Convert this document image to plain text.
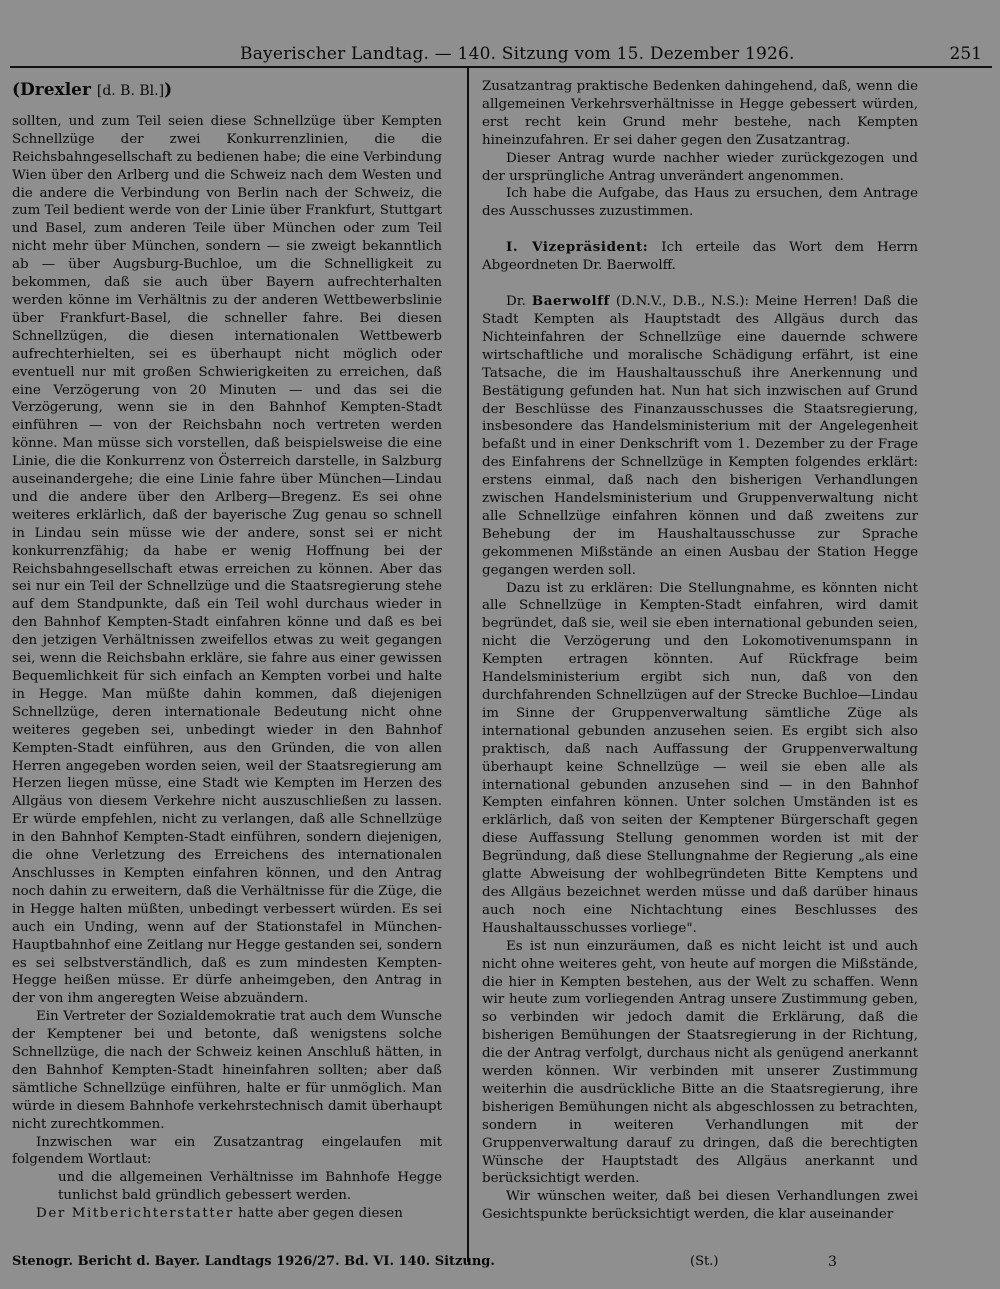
Bayerischer Landtag. — 140. Sitzung vom 15. Dezember 1926.	251

(Drexler [d. B. Bl.])

sollten, und zum Teil seien diese Schnellzüge über Kempten Schnellzüge der zwei Konkurrenzlinien, die die Reichsbahngesellschaft zu bedienen habe; die eine Verbindung Wien über den Arlberg und die Schweiz nach dem Westen und die andere die Verbindung von Berlin nach der Schweiz, die zum Teil bedient werde von der Linie über Frankfurt, Stuttgart und Basel, zum anderen Teile über München oder zum Teil nicht mehr über München, sondern — sie zweigt bekanntlich ab — über Augsburg-Buchloe, um die Schnelligkeit zu bekommen, daß sie auch über Bayern aufrechterhalten werden könne im Verhältnis zu der anderen Wettbewerbslinie über Frankfurt-Basel, die schneller fahre. Bei diesen Schnellzügen, die diesen internationalen Wettbewerb aufrechterhielten, sei es überhaupt nicht möglich oder eventuell nur mit großen Schwierigkeiten zu erreichen, daß eine Verzögerung von 20 Minuten — und das sei die Verzögerung, wenn sie in den Bahnhof Kempten-Stadt einführen — von der Reichsbahn noch vertreten werden könne. Man müsse sich vorstellen, daß beispielsweise die eine Linie, die die Konkurrenz von Österreich darstelle, in Salzburg auseinandergehe; die eine Linie fahre über München—Lindau und die andere über den Arlberg—Bregenz. Es sei ohne weiteres erklärlich, daß der bayerische Zug genau so schnell in Lindau sein müsse wie der andere, sonst sei er nicht konkurrenzfähig; da habe er wenig Hoffnung bei der Reichsbahngesellschaft etwas erreichen zu können. Aber das sei nur ein Teil der Schnellzüge und die Staatsregierung stehe auf dem Standpunkte, daß ein Teil wohl durchaus wieder in den Bahnhof Kempten-Stadt einfahren könne und daß es bei den jetzigen Verhältnissen zweifellos etwas zu weit gegangen sei, wenn die Reichsbahn erkläre, sie fahre aus einer gewissen Bequemlichkeit für sich einfach an Kempten vorbei und halte in Hegge. Man müßte dahin kommen, daß diejenigen Schnellzüge, deren internationale Bedeutung nicht ohne weiteres gegeben sei, unbedingt wieder in den Bahnhof Kempten-Stadt einführen, aus den Gründen, die von allen Herren angegeben worden seien, weil der Staatsregierung am Herzen liegen müsse, eine Stadt wie Kempten im Herzen des Allgäus von diesem Verkehre nicht auszuschließen zu lassen. Er würde empfehlen, nicht zu verlangen, daß alle Schnellzüge in den Bahnhof Kempten-Stadt einführen, sondern diejenigen, die ohne Verletzung des Erreichens des internationalen Anschlusses in Kempten einfahren können, und den Antrag noch dahin zu erweitern, daß die Verhältnisse für die Züge, die in Hegge halten müßten, unbedingt verbessert würden. Es sei auch ein Unding, wenn auf der Stationstafel in München-Hauptbahnhof eine Zeitlang nur Hegge gestanden sei, sondern es sei selbstverständlich, daß es zum mindesten Kempten-Hegge heißen müsse. Er dürfe anheimgeben, den Antrag in der von ihm angeregten Weise abzuändern.

Ein Vertreter der Sozialdemokratie trat auch dem Wunsche der Kemptener bei und betonte, daß wenigstens solche Schnellzüge, die nach der Schweiz keinen Anschluß hätten, in den Bahnhof Kempten-Stadt hineinfahren sollten; aber daß sämtliche Schnellzüge einführen, halte er für unmöglich. Man würde in diesem Bahnhofe verkehrstechnisch damit überhaupt nicht zurechtkommen.

Inzwischen war ein Zusatzantrag eingelaufen mit folgendem Wortlaut:

und die allgemeinen Verhältnisse im Bahnhofe Hegge tunlichst bald gründlich gebessert werden.

Der Mitberichterstatter hatte aber gegen diesen

Zusatzantrag praktische Bedenken dahingehend, daß, wenn die allgemeinen Verkehrsverhältnisse in Hegge gebessert würden, erst recht kein Grund mehr bestehe, nach Kempten hineinzufahren. Er sei daher gegen den Zusatzantrag.

Dieser Antrag wurde nachher wieder zurückgezogen und der ursprüngliche Antrag unverändert angenommen.

Ich habe die Aufgabe, das Haus zu ersuchen, dem Antrage des Ausschusses zuzustimmen.

I. Vizepräsident: Ich erteile das Wort dem Herrn Abgeordneten Dr. Baerwolff.

Dr. Baerwolff (D.N.V., D.B., N.S.): Meine Herren! Daß die Stadt Kempten als Hauptstadt des Allgäus durch das Nichteinfahren der Schnellzüge eine dauernde schwere wirtschaftliche und moralische Schädigung erfährt, ist eine Tatsache, die im Haushaltausschuß ihre Anerkennung und Bestätigung gefunden hat. Nun hat sich inzwischen auf Grund der Beschlüsse des Finanzausschusses die Staatsregierung, insbesondere das Handelsministerium mit der Angelegenheit befaßt und in einer Denkschrift vom 1. Dezember zu der Frage des Einfahrens der Schnellzüge in Kempten folgendes erklärt: erstens einmal, daß nach den bisherigen Verhandlungen zwischen Handelsministerium und Gruppenverwaltung nicht alle Schnellzüge einfahren können und daß zweitens zur Behebung der im Haushaltausschusse zur Sprache gekommenen Mißstände an einen Ausbau der Station Hegge gegangen werden soll.

Dazu ist zu erklären: Die Stellungnahme, es könnten nicht alle Schnellzüge in Kempten-Stadt einfahren, wird damit begründet, daß sie, weil sie eben international gebunden seien, nicht die Verzögerung und den Lokomotivenumspann in Kempten ertragen könnten. Auf Rückfrage beim Handelsministerium ergibt sich nun, daß von den durchfahrenden Schnellzügen auf der Strecke Buchloe—Lindau im Sinne der Gruppenverwaltung sämtliche Züge als international gebunden anzusehen seien. Es ergibt sich also praktisch, daß nach Auffassung der Gruppenverwaltung überhaupt keine Schnellzüge — weil sie eben alle als international gebunden anzusehen sind — in den Bahnhof Kempten einfahren können. Unter solchen Umständen ist es erklärlich, daß von seiten der Kemptener Bürgerschaft gegen diese Auffassung Stellung genommen worden ist mit der Begründung, daß diese Stellungnahme der Regierung „als eine glatte Abweisung der wohlbegründeten Bitte Kemptens und des Allgäus bezeichnet werden müsse und daß darüber hinaus auch noch eine Nichtachtung eines Beschlusses des Haushaltausschusses vorliege".

Es ist nun einzuräumen, daß es nicht leicht ist und auch nicht ohne weiteres geht, von heute auf morgen die Mißstände, die hier in Kempten bestehen, aus der Welt zu schaffen. Wenn wir heute zum vorliegenden Antrag unsere Zustimmung geben, so verbinden wir jedoch damit die Erklärung, daß die bisherigen Bemühungen der Staatsregierung in der Richtung, die der Antrag verfolgt, durchaus nicht als genügend anerkannt werden können. Wir verbinden mit unserer Zustimmung weiterhin die ausdrückliche Bitte an die Staatsregierung, ihre bisherigen Bemühungen nicht als abgeschlossen zu betrachten, sondern in weiteren Verhandlungen mit der Gruppenverwaltung darauf zu dringen, daß die berechtigten Wünsche der Hauptstadt des Allgäus anerkannt und berücksichtigt werden.

Wir wünschen weiter, daß bei diesen Verhandlungen zwei Gesichtspunkte berücksichtigt werden, die klar auseinander

Stenogr. Bericht d. Bayer. Landtags 1926/27. Bd. VI. 140. Sitzung.	(St.)	3
